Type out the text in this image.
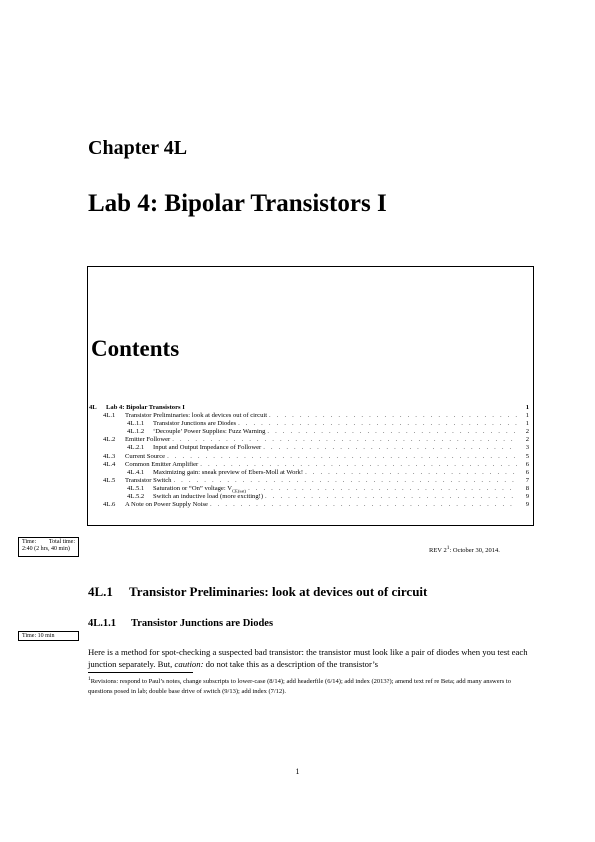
Chapter 4L
Lab 4: Bipolar Transistors I
Contents
4L	Lab 4: Bipolar Transistors I	1
4L.1	Transistor Preliminaries: look at devices out of circuit . . .	1
4L.1.1	Transistor Junctions are Diodes . . .	1
4L.1.2	‘Decouple’ Power Supplies: Fuzz Warning . . .	2
4L.2	Emitter Follower . . .	2
4L.2.1	Input and Output Impedance of Follower . . .	3
4L.3	Current Source . . .	5
4L.4	Common Emitter Amplifier . . .	6
4L.4.1	Maximizing gain: sneak preview of Ebers-Moll at Work! . . .	6
4L.5	Transistor Switch . . .	7
4L.5.1	Saturation or “On” voltage: $V_{CE(sat)}$ . . .	8
4L.5.2	Switch an inductive load (more exciting!) . . .	9
4L.6	A Note on Power Supply Noise . . .	9
Time: Total time:
2:40 (2 hrs, 40 min)	REV $2^1$: October 30, 2014.
4L.1 Transistor Preliminaries: look at devices out of circuit
4L.1.1 Transistor Junctions are Diodes
Time: 10 min
Here is a method for spot-checking a suspected bad transistor: the transistor must look like a pair of diodes when you test each junction separately. But, caution: do not take this as a description of the transistor’s
$^1$Revisions: respond to Paul’s notes, change subscripts to lower-case (8/14); add headerfile (6/14); add index (2013?); amend text ref re Beta; add many answers to questions posed in lab; double base drive of switch (9/13); add index (7/12).
1
